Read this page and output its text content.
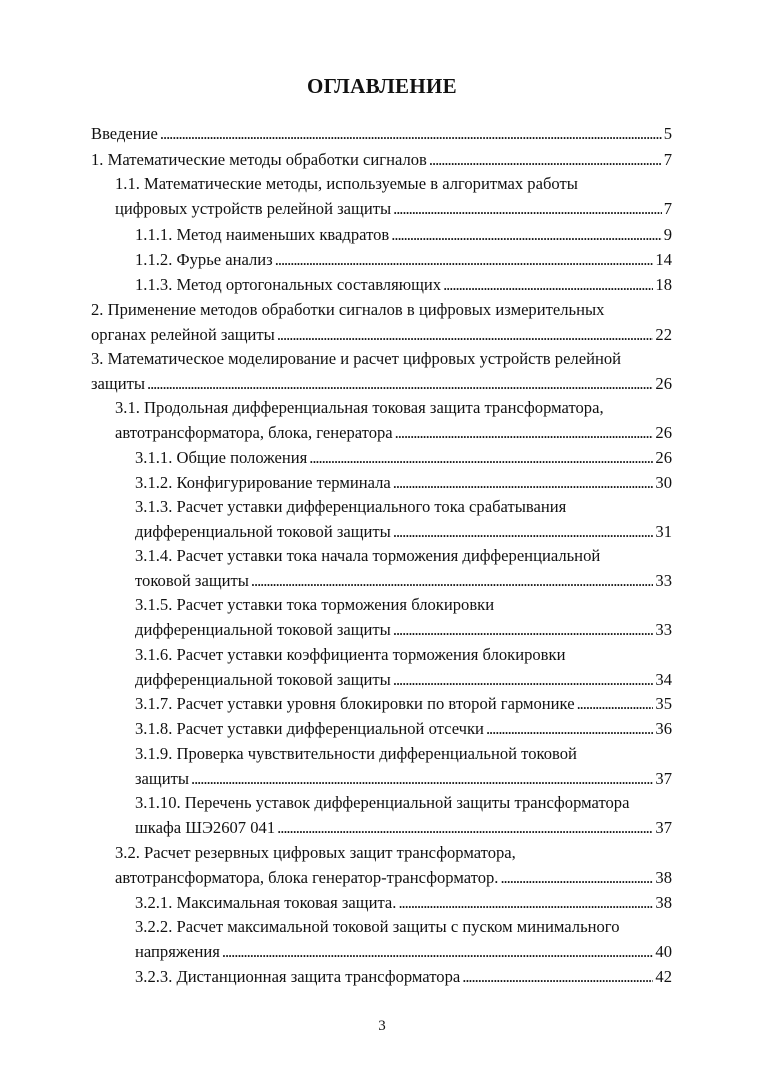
ОГЛАВЛЕНИЕ
Введение . . .	5
1. Математические методы обработки сигналов . . .	7
1.1. Математические методы, используемые в алгоритмах работы
цифровых устройств релейной защиты . . .	7
1.1.1. Метод наименьших квадратов . . .	9
1.1.2. Фурье анализ . . .	14
1.1.3. Метод ортогональных составляющих . . .	18
2. Применение методов обработки сигналов в цифровых измерительных
органах релейной защиты . . .	22
3. Математическое моделирование и расчет цифровых устройств релейной
защиты . . .	26
3.1. Продольная дифференциальная токовая защита трансформатора,
автотрансформатора, блока, генератора . . .	26
3.1.1. Общие положения . . .	26
3.1.2. Конфигурирование терминала . . .	30
3.1.3. Расчет уставки дифференциального тока срабатывания
дифференциальной токовой защиты . . .	31
3.1.4. Расчет уставки тока начала торможения дифференциальной
токовой защиты . . .	33
3.1.5. Расчет уставки тока торможения блокировки
дифференциальной токовой защиты . . .	33
3.1.6. Расчет уставки коэффициента торможения блокировки
дифференциальной токовой защиты . . .	34
3.1.7. Расчет уставки уровня блокировки по второй гармонике . . .	35
3.1.8. Расчет уставки дифференциальной отсечки . . .	36
3.1.9. Проверка чувствительности дифференциальной токовой
защиты . . .	37
3.1.10. Перечень уставок дифференциальной защиты трансформатора
шкафа ШЭ2607 041 . . .	37
3.2. Расчет резервных цифровых защит трансформатора,
автотрансформатора, блока генератор-трансформатор. . . .	38
3.2.1. Максимальная токовая защита. . . .	38
3.2.2. Расчет максимальной токовой защиты с пуском минимального
напряжения . . .	40
3.2.3. Дистанционная защита трансформатора . . .	42
3
